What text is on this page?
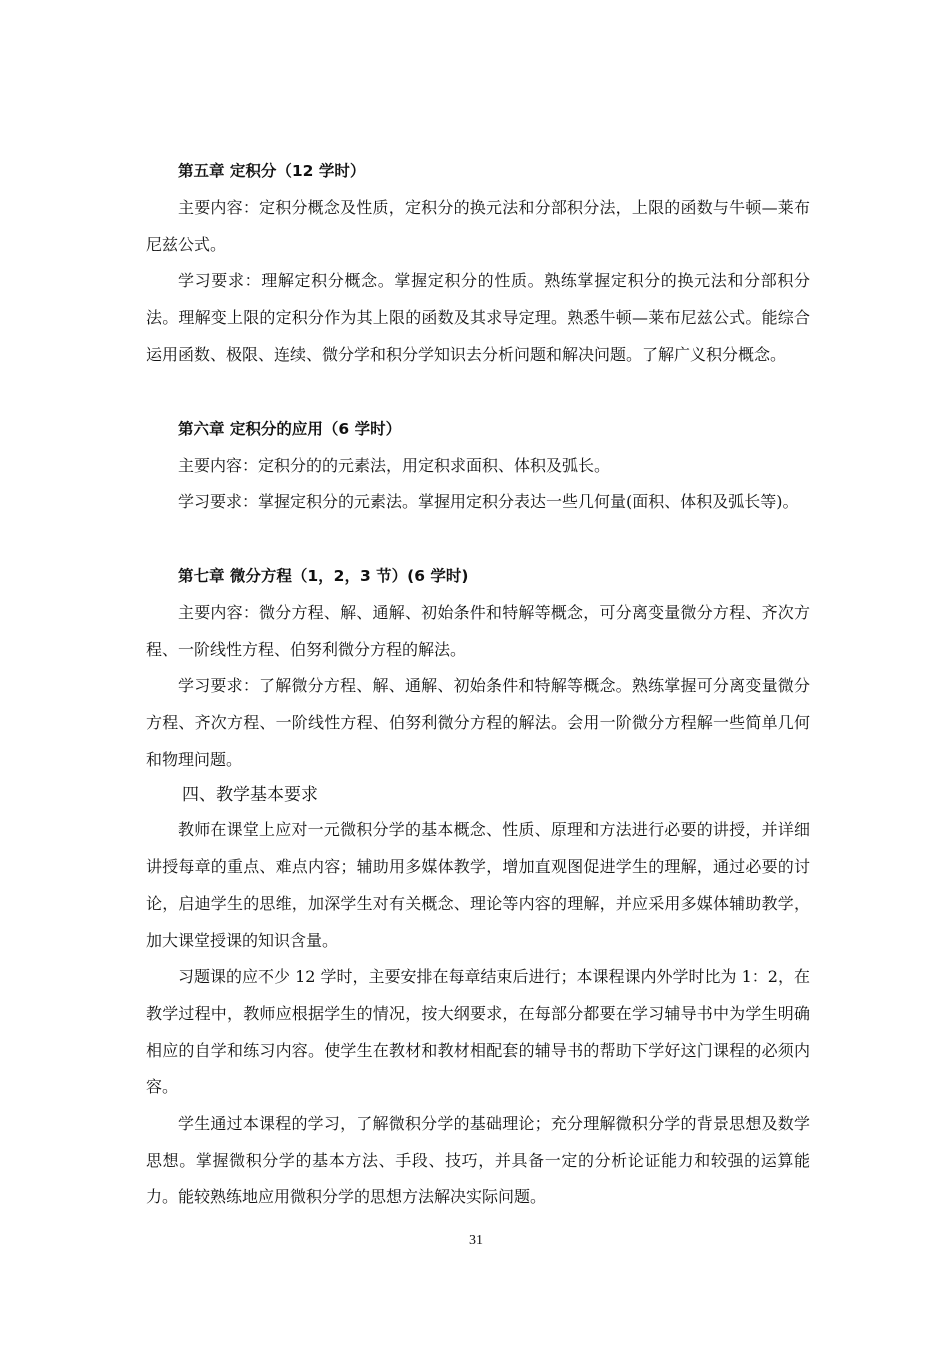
第五章 定积分（12 学时）

主要内容：定积分概念及性质，定积分的换元法和分部积分法，上限的函数与牛顿—莱布尼兹公式。

学习要求：理解定积分概念。掌握定积分的性质。熟练掌握定积分的换元法和分部积分法。理解变上限的定积分作为其上限的函数及其求导定理。熟悉牛顿—莱布尼兹公式。能综合运用函数、极限、连续、微分学和积分学知识去分析问题和解决问题。了解广义积分概念。

第六章 定积分的应用（6 学时）

主要内容：定积分的的元素法，用定积求面积、体积及弧长。

学习要求：掌握定积分的元素法。掌握用定积分表达一些几何量(面积、体积及弧长等)。

第七章 微分方程（1，2，3 节）(6 学时)

主要内容：微分方程、解、通解、初始条件和特解等概念，可分离变量微分方程、齐次方程、一阶线性方程、伯努利微分方程的解法。

学习要求：了解微分方程、解、通解、初始条件和特解等概念。熟练掌握可分离变量微分方程、齐次方程、一阶线性方程、伯努利微分方程的解法。会用一阶微分方程解一些简单几何和物理问题。

四、教学基本要求

教师在课堂上应对一元微积分学的基本概念、性质、原理和方法进行必要的讲授，并详细讲授每章的重点、难点内容；辅助用多媒体教学，增加直观图促进学生的理解，通过必要的讨论，启迪学生的思维，加深学生对有关概念、理论等内容的理解，并应采用多媒体辅助教学，加大课堂授课的知识含量。

习题课的应不少 12 学时，主要安排在每章结束后进行；本课程课内外学时比为 1：2，在教学过程中，教师应根据学生的情况，按大纲要求，在每部分都要在学习辅导书中为学生明确相应的自学和练习内容。使学生在教材和教材相配套的辅导书的帮助下学好这门课程的必须内容。

学生通过本课程的学习，了解微积分学的基础理论；充分理解微积分学的背景思想及数学思想。掌握微积分学的基本方法、手段、技巧，并具备一定的分析论证能力和较强的运算能力。能较熟练地应用微积分学的思想方法解决实际问题。

31
